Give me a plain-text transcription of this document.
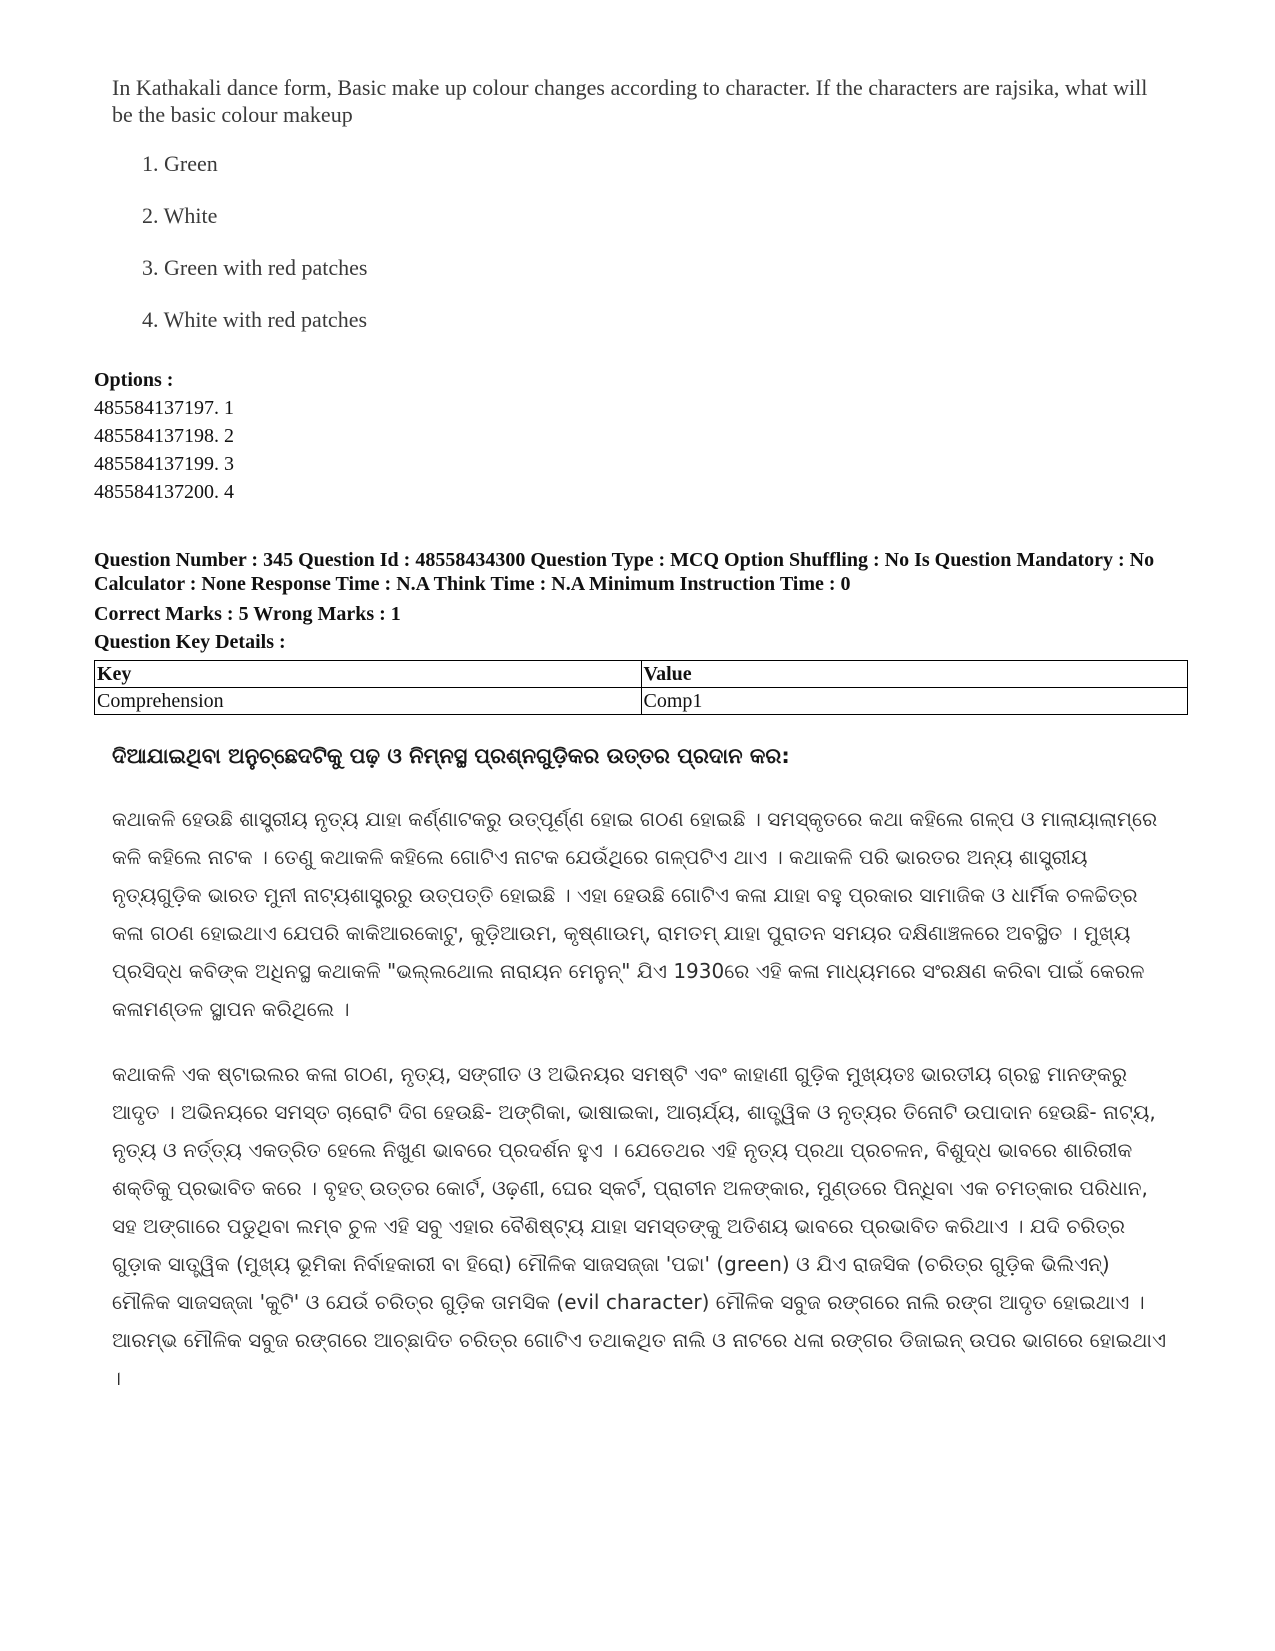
In Kathakali dance form, Basic make up colour changes according to character. If the characters are rajsika, what will be the basic colour makeup

1. Green
2. White
3. Green with red patches
4. White with red patches
Options :
485584137197. 1
485584137198. 2
485584137199. 3
485584137200. 4
Question Number : 345 Question Id : 48558434300 Question Type : MCQ Option Shuffling : No Is Question Mandatory : No Calculator : None Response Time : N.A Think Time : N.A Minimum Instruction Time : 0
Correct Marks : 5 Wrong Marks : 1
Question Key Details :
Key	Value
Comprehension	Comp1
ଦିଆଯାଇଥିବା ଅନୁଚ୍ଛେଦଟିକୁ ପଢ଼ ଓ ନିମ୍ନସ୍ଥ ପ୍ରଶ୍ନଗୁଡ଼ିକର ଉତ୍ତର ପ୍ରଦାନ କର:

କଥାକଳି ହେଉଛି ଶାସ୍ତ୍ରୀୟ ନୃତ୍ୟ ଯାହା କର୍ଣ୍ଣାଟକରୁ ଉତ୍ପୂର୍ଣ୍ଣ ହୋଇ ଗଠଣ ହୋଇଛି । ସମସ୍କୃତରେ କଥା କହିଲେ ଗଳ୍ପ ଓ ମାଲାୟାଲାମ୍‌ରେ କଳି କହିଲେ ନାଟକ । ତେଣୁ କଥାକଳି କହିଲେ ଗୋଟିଏ ନାଟକ ଯେଉଁଥିରେ ଗଳ୍ପଟିଏ ଥାଏ । କଥାକଳି ପରି ଭାରତର ଅନ୍ୟ ଶାସ୍ତ୍ରୀୟ ନୃତ୍ୟଗୁଡ଼ିକ ଭାରତ ମୁନୀ ନାଟ୍ୟଶାସ୍ତ୍ରରୁ ଉତ୍ପତ୍ତି ହୋଇଛି । ଏହା ହେଉଛି ଗୋଟିଏ କଳା ଯାହା ବହୁ ପ୍ରକାର ସାମାଜିକ ଓ ଧାର୍ମିକ ଚଳଚ୍ଚିତ୍ର କଳା ଗଠଣ ହୋଇଥାଏ ଯେପରି କାକିଆରକୋଟୁ, କୁଡ଼ିଆଉମ, କୃଷ୍ଣାଉମ୍, ରାମତମ୍ ଯାହା ପୁରାତନ ସମୟର ଦକ୍ଷିଣାଞ୍ଚଳରେ ଅବସ୍ଥିତ । ମୁଖ୍ୟ ପ୍ରସିଦ୍ଧ କବିଙ୍କ ଅଧିନସ୍ଥ କଥାକଳି "ଭଲ୍ଲଥୋଲ ନାରାୟନ ମେନୁନ୍" ଯିଏ 1930ରେ ଏହି କଳା ମାଧ୍ୟମରେ ସଂରକ୍ଷଣ କରିବା ପାଇଁ କେରଳ କଳାମଣ୍ଡଳ ସ୍ଥାପନ କରିଥିଲେ ।

କଥାକଳି ଏକ ଷ୍ଟାଇଲର କଳା ଗଠଣ, ନୃତ୍ୟ, ସଙ୍ଗୀତ ଓ ଅଭିନୟର ସମଷ୍ଟି ଏବଂ କାହାଣୀ ଗୁଡ଼ିକ ମୁଖ୍ୟତଃ ଭାରତୀୟ ଗ୍ରନ୍ଥ ମାନଙ୍କରୁ ଆଦୃତ । ଅଭିନୟରେ ସମସ୍ତ ଚାରୋଟି ଦିଗ ହେଉଛି- ଅଙ୍ଗିକା, ଭାଷାଇକା, ଆଚାର୍ଯ୍ୟ, ଶାତ୍ତ୍ୱିକ ଓ ନୃତ୍ୟର ତିନୋଟି ଉପାଦାନ ହେଉଛି- ନାଟ୍ୟ, ନୃତ୍ୟ ଓ ନର୍ତ୍ତ୍ୟ ଏକତ୍ରିତ ହେଲେ ନିଖୁଣ ଭାବରେ ପ୍ରଦର୍ଶନ ହୁଏ । ଯେତେଥର ଏହି ନୃତ୍ୟ ପ୍ରଥା ପ୍ରଚଳନ, ବିଶୁଦ୍ଧ ଭାବରେ ଶାରିରୀକ ଶକ୍ତିକୁ ପ୍ରଭାବିତ କରେ । ବୃହତ୍ ଉତ୍ତର କୋର୍ଟ, ଓଢ଼ଣୀ, ଘେର ସ୍କର୍ଟ, ପ୍ରାଚୀନ ଅଳଙ୍କାର, ମୁଣ୍ଡରେ ପିନ୍ଧିବା ଏକ ଚମତ୍କାର ପରିଧାନ, ସହ ଅଙ୍ଗାରେ ପଡୁଥିବା ଲମ୍ବ ଚୁଳ ଏହି ସବୁ ଏହାର ବୈଶିଷ୍ଟ୍ୟ ଯାହା ସମସ୍ତଙ୍କୁ ଅତିଶୟ ଭାବରେ ପ୍ରଭାବିତ କରିଥାଏ । ଯଦି ଚରିତ୍ର ଗୁଡ଼ାକ ସାତ୍ତ୍ୱିକ (ମୁଖ୍ୟ ଭୂମିକା ନିର୍ବାହକାରୀ ବା ହିରୋ) ମୌଳିକ ସାଜସଜ୍ଜା 'ପଚ୍ଚା' (green) ଓ ଯିଏ ରାଜସିକ (ଚରିତ୍ର ଗୁଡ଼ିକ ଭିଲିଏନ୍) ମୌଳିକ ସାଜସଜ୍ଜା 'କୁଟି' ଓ ଯେଉଁ ଚରିତ୍ର ଗୁଡ଼ିକ ତାମସିକ (evil character) ମୌଳିକ ସବୁଜ ରଙ୍ଗରେ ନାଲି ରଙ୍ଗ ଆଦୃତ ହୋଇଥାଏ । ଆରମ୍ଭ ମୌଳିକ ସବୁଜ ରଙ୍ଗରେ ଆଚ୍ଛାଦିତ ଚରିତ୍ର ଗୋଟିଏ ତଥାକଥିତ ନାଲି ଓ ନାଟରେ ଧଳା ରଙ୍ଗର ଡିଜାଇନ୍ ଉପର ଭାଗରେ ହୋଇଥାଏ ।
